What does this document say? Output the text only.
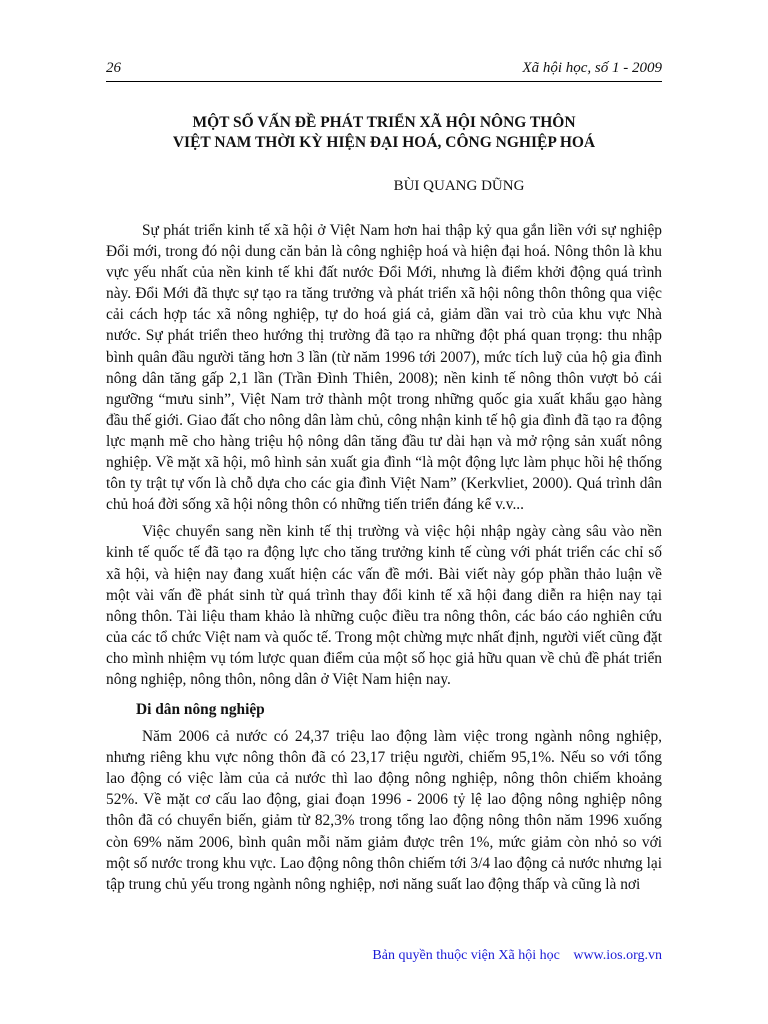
26	Xã hội học, số 1 - 2009
MỘT SỐ VẤN ĐỀ PHÁT TRIỂN XÃ HỘI NÔNG THÔN
VIỆT NAM THỜI KỲ HIỆN ĐẠI HOÁ, CÔNG NGHIỆP HOÁ
BÙI QUANG DŨNG

Sự phát triển kinh tế xã hội ở Việt Nam hơn hai thập kỷ qua gắn liền với sự nghiệp Đổi mới, trong đó nội dung căn bản là công nghiệp hoá và hiện đại hoá. Nông thôn là khu vực yếu nhất của nền kinh tế khi đất nước Đổi Mới, nhưng là điểm khởi động quá trình này. Đổi Mới đã thực sự tạo ra tăng trưởng và phát triển xã hội nông thôn thông qua việc cải cách hợp tác xã nông nghiệp, tự do hoá giá cả, giảm dần vai trò của khu vực Nhà nước. Sự phát triển theo hướng thị trường đã tạo ra những đột phá quan trọng: thu nhập bình quân đầu người tăng hơn 3 lần (từ năm 1996 tới 2007), mức tích luỹ của hộ gia đình nông dân tăng gấp 2,1 lần (Trần Đình Thiên, 2008); nền kinh tế nông thôn vượt bỏ cái ngưỡng “mưu sinh”, Việt Nam trở thành một trong những quốc gia xuất khẩu gạo hàng đầu thế giới. Giao đất cho nông dân làm chủ, công nhận kinh tế hộ gia đình đã tạo ra động lực mạnh mẽ cho hàng triệu hộ nông dân tăng đầu tư dài hạn và mở rộng sản xuất nông nghiệp. Về mặt xã hội, mô hình sản xuất gia đình “là một động lực làm phục hồi hệ thống tôn ty trật tự vốn là chỗ dựa cho các gia đình Việt Nam” (Kerkvliet, 2000). Quá trình dân chủ hoá đời sống xã hội nông thôn có những tiến triển đáng kể v.v...

Việc chuyển sang nền kinh tế thị trường và việc hội nhập ngày càng sâu vào nền kinh tế quốc tế đã tạo ra động lực cho tăng trưởng kinh tế cùng với phát triển các chỉ số xã hội, và hiện nay đang xuất hiện các vấn đề mới. Bài viết này góp phần thảo luận về một vài vấn đề phát sinh từ quá trình thay đổi kinh tế xã hội đang diễn ra hiện nay tại nông thôn. Tài liệu tham khảo là những cuộc điều tra nông thôn, các báo cáo nghiên cứu của các tổ chức Việt nam và quốc tế. Trong một chừng mực nhất định, người viết cũng đặt cho mình nhiệm vụ tóm lược quan điểm của một số học giả hữu quan về chủ đề phát triển nông nghiệp, nông thôn, nông dân ở Việt Nam hiện nay.

Di dân nông nghiệp

Năm 2006 cả nước có 24,37 triệu lao động làm việc trong ngành nông nghiệp, nhưng riêng khu vực nông thôn đã có 23,17 triệu người, chiếm 95,1%. Nếu so với tổng lao động có việc làm của cả nước thì lao động nông nghiệp, nông thôn chiếm khoảng 52%. Về mặt cơ cấu lao động, giai đoạn 1996 - 2006 tỷ lệ lao động nông nghiệp nông thôn đã có chuyển biến, giảm từ 82,3% trong tổng lao động nông thôn năm 1996 xuống còn 69% năm 2006, bình quân mỗi năm giảm được trên 1%, mức giảm còn nhỏ so với một số nước trong khu vực. Lao động nông thôn chiếm tới 3/4 lao động cả nước nhưng lại tập trung chủ yếu trong ngành nông nghiệp, nơi năng suất lao động thấp và cũng là nơi

Bản quyền thuộc viện Xã hội học www.ios.org.vn
